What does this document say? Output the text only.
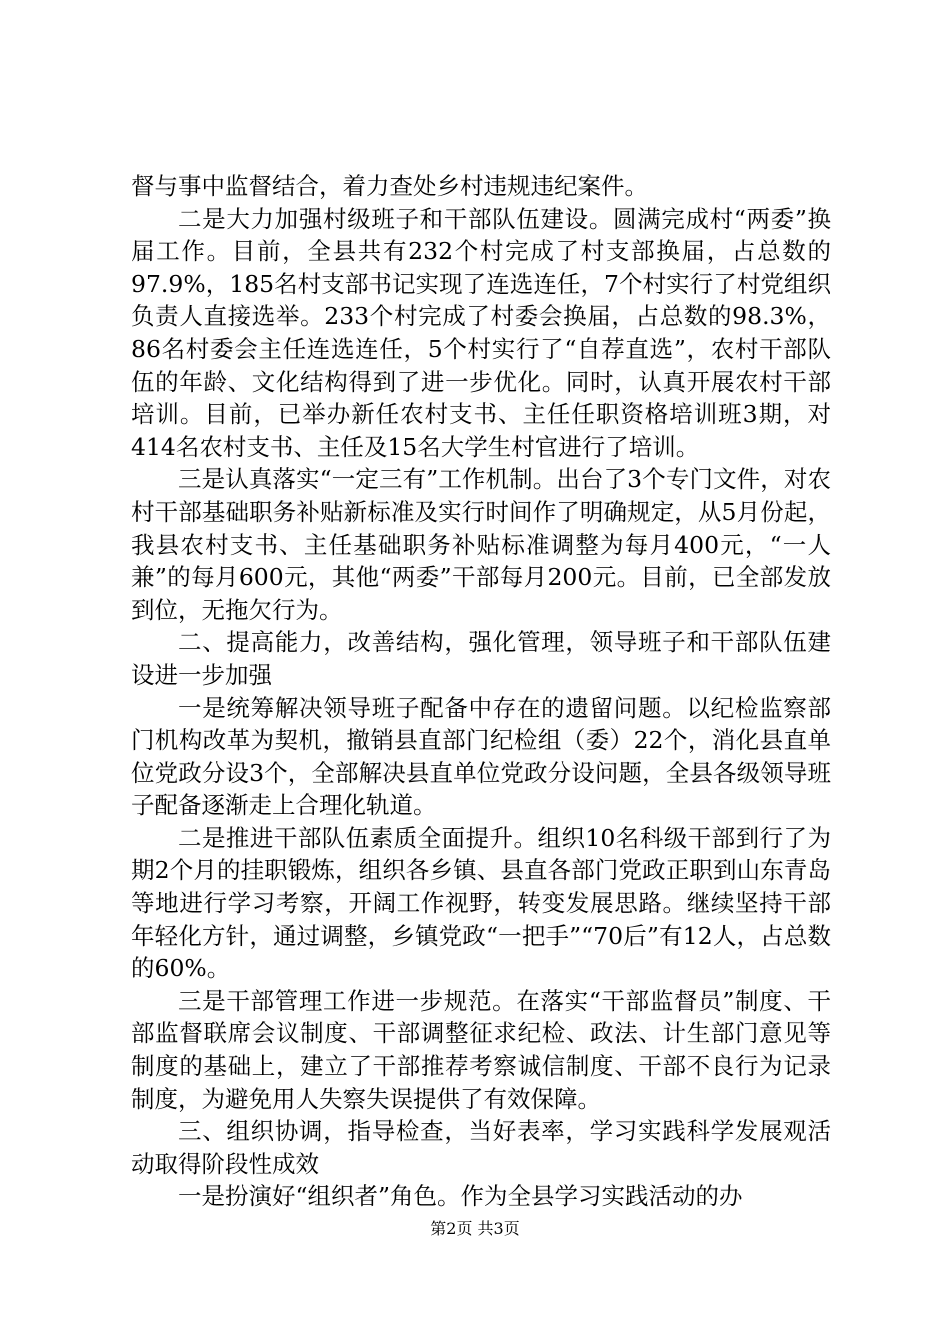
督与事中监督结合，着力查处乡村违规违纪案件。

二是大力加强村级班子和干部队伍建设。圆满完成村“两委”换届工作。目前，全县共有232个村完成了村支部换届，占总数的97.9%，185名村支部书记实现了连选连任，7个村实行了村党组织负责人直接选举。233个村完成了村委会换届，占总数的98.3%，86名村委会主任连选连任，5个村实行了“自荐直选”，农村干部队伍的年龄、文化结构得到了进一步优化。同时，认真开展农村干部培训。目前，已举办新任农村支书、主任任职资格培训班3期，对414名农村支书、主任及15名大学生村官进行了培训。

三是认真落实“一定三有”工作机制。出台了3个专门文件，对农村干部基础职务补贴新标准及实行时间作了明确规定，从5月份起，我县农村支书、主任基础职务补贴标准调整为每月400元，“一人兼”的每月600元，其他“两委”干部每月200元。目前，已全部发放到位，无拖欠行为。

二、提高能力，改善结构，强化管理，领导班子和干部队伍建设进一步加强

一是统筹解决领导班子配备中存在的遗留问题。以纪检监察部门机构改革为契机，撤销县直部门纪检组（委）22个，消化县直单位党政分设3个，全部解决县直单位党政分设问题，全县各级领导班子配备逐渐走上合理化轨道。

二是推进干部队伍素质全面提升。组织10名科级干部到行了为期2个月的挂职锻炼，组织各乡镇、县直各部门党政正职到山东青岛等地进行学习考察，开阔工作视野，转变发展思路。继续坚持干部年轻化方针，通过调整，乡镇党政“一把手”“70后”有12人，占总数的60%。

三是干部管理工作进一步规范。在落实“干部监督员”制度、干部监督联席会议制度、干部调整征求纪检、政法、计生部门意见等制度的基础上，建立了干部推荐考察诚信制度、干部不良行为记录制度，为避免用人失察失误提供了有效保障。

三、组织协调，指导检查，当好表率，学习实践科学发展观活动取得阶段性成效

一是扮演好“组织者”角色。作为全县学习实践活动的办

第2页 共3页
